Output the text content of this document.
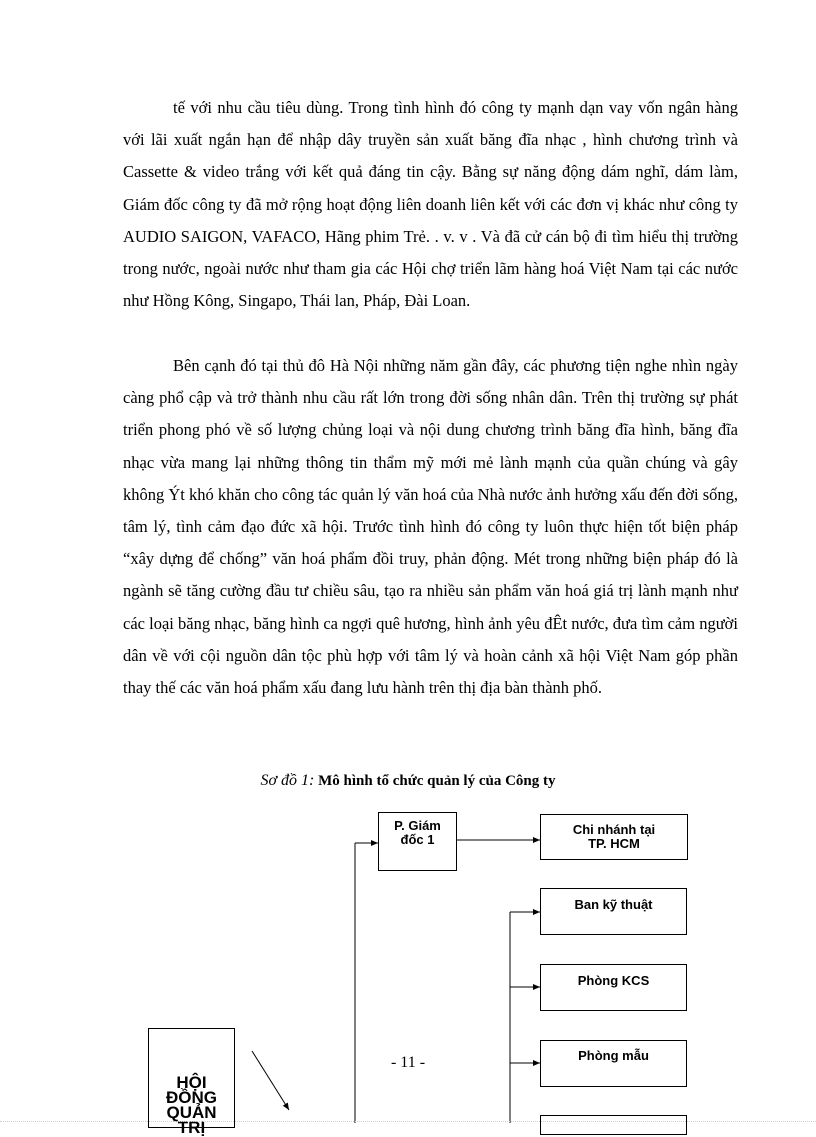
tế với nhu cầu tiêu dùng. Trong tình hình đó công ty mạnh dạn vay vốn ngân hàng với lãi xuất ngắn hạn để nhập dây truyền sản xuất băng đĩa nhạc , hình chương trình và Cassette & video trắng với kết quả đáng tin cậy. Bằng sự năng động dám nghĩ, dám làm, Giám đốc công ty đã mở rộng hoạt động liên doanh liên kết với các đơn vị khác như công ty AUDIO SAIGON, VAFACO, Hãng phim Trẻ. . v. v . Và đã cử cán bộ đi tìm hiểu thị trường trong nước, ngoài nước như tham gia các Hội chợ triển lãm hàng hoá Việt Nam tại các nước như Hồng Kông, Singapo, Thái lan, Pháp, Đài Loan.

Bên cạnh đó tại thủ đô Hà Nội những năm gần đây, các phương tiện nghe nhìn ngày càng phổ cập và trở thành nhu cầu rất lớn trong đời sống nhân dân. Trên thị trường sự phát triển phong phó về số lượng chủng loại và nội dung chương trình băng đĩa hình, băng đĩa nhạc vừa mang lại những thông tin thẩm mỹ mới mẻ lành mạnh của quần chúng và gây không Ýt khó khăn cho công tác quản lý văn hoá của Nhà nước ảnh hưởng xấu đến đời sống, tâm lý, tình cảm đạo đức xã hội. Trước tình hình đó công ty luôn thực hiện tốt biện pháp “xây dựng để chống” văn hoá phẩm đồi truy, phản động. Mét trong những biện pháp đó là ngành sẽ tăng cường đầu tư chiều sâu, tạo ra nhiều sản phẩm văn hoá giá trị lành mạnh như các loại băng nhạc, băng hình ca ngợi quê hương, hình ảnh yêu đÊt nước, đưa tìm cảm người dân về với cội nguồn dân tộc phù hợp với tâm lý và hoàn cảnh xã hội Việt Nam góp phần thay thế các văn hoá phẩm xấu đang lưu hành trên thị địa bàn thành phố.

Sơ đồ 1: Mô hình tổ chức quản lý của Công ty
P. Giám
đốc 1
Chi nhánh tại
TP. HCM
Ban kỹ thuật
Phòng KCS
Phòng mẫu
HỘI
ĐỒNG
QUẢN
TRỊ
- 11 -
